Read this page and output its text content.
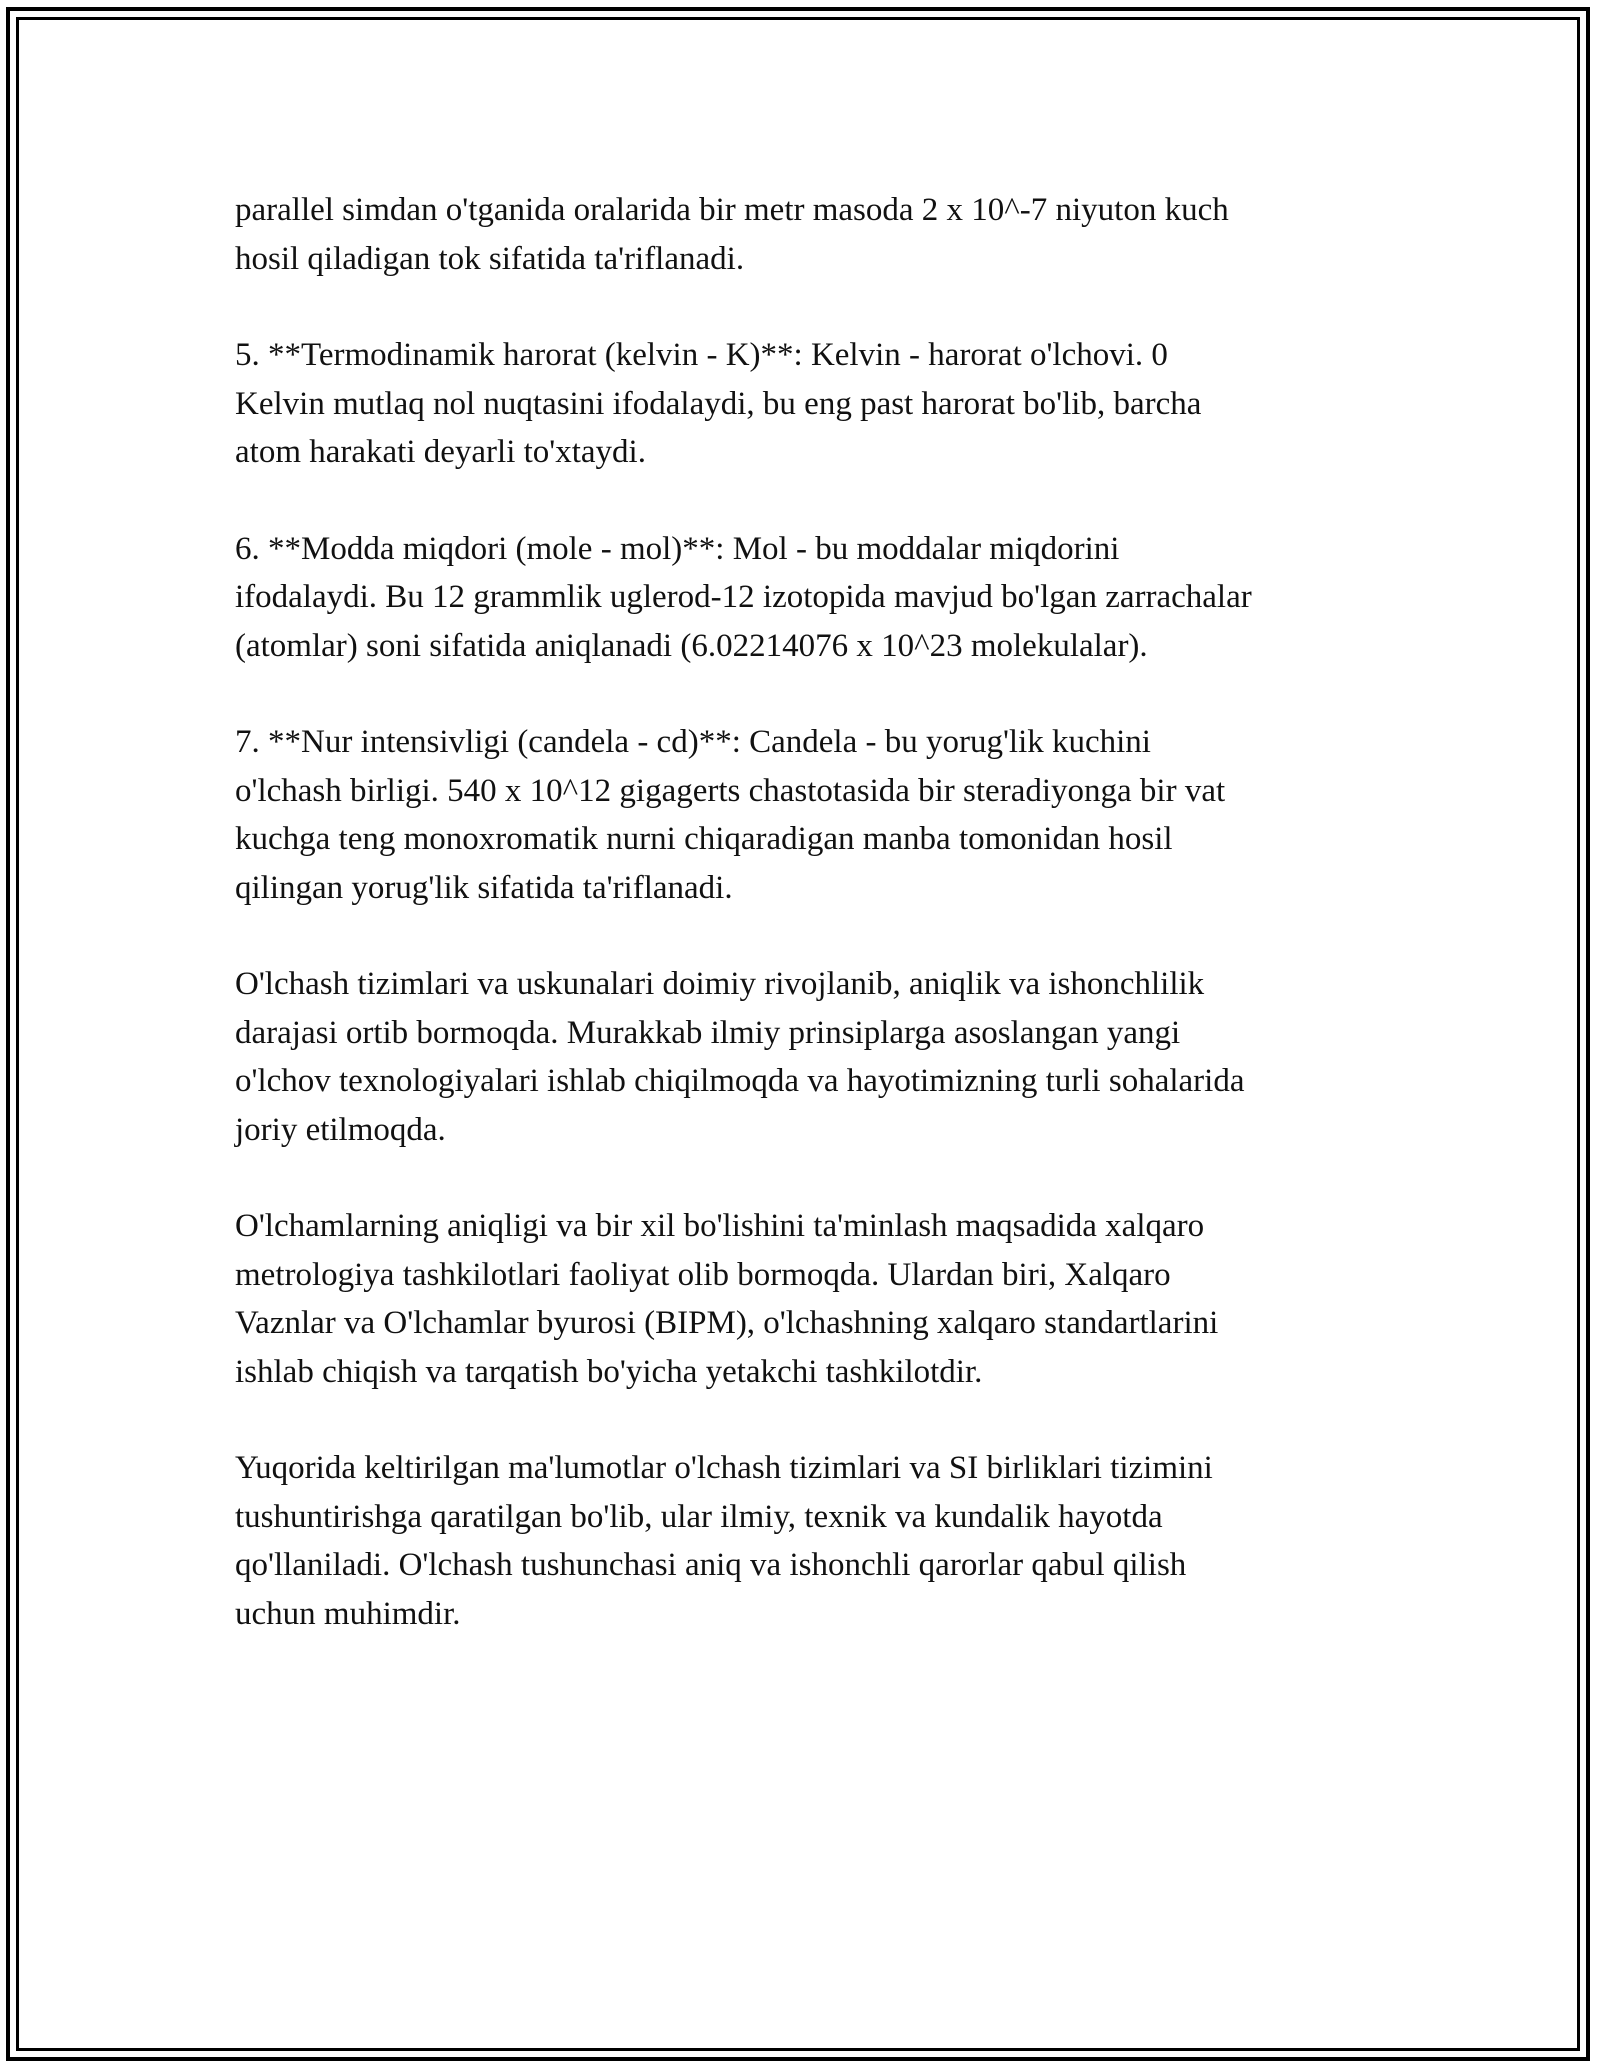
parallel simdan o'tganida oralarida bir metr masoda 2 x 10^-7 niyuton kuch
hosil qiladigan tok sifatida ta'riflanadi.

5. **Termodinamik harorat (kelvin - K)**: Kelvin - harorat o'lchovi. 0
Kelvin mutlaq nol nuqtasini ifodalaydi, bu eng past harorat bo'lib, barcha
atom harakati deyarli to'xtaydi.

6. **Modda miqdori (mole - mol)**: Mol - bu moddalar miqdorini
ifodalaydi. Bu 12 grammlik uglerod-12 izotopida mavjud bo'lgan zarrachalar
(atomlar) soni sifatida aniqlanadi (6.02214076 x 10^23 molekulalar).

7. **Nur intensivligi (candela - cd)**: Candela - bu yorug'lik kuchini
o'lchash birligi. 540 x 10^12 gigagerts chastotasida bir steradiyonga bir vat
kuchga teng monoxromatik nurni chiqaradigan manba tomonidan hosil
qilingan yorug'lik sifatida ta'riflanadi.

O'lchash tizimlari va uskunalari doimiy rivojlanib, aniqlik va ishonchlilik
darajasi ortib bormoqda. Murakkab ilmiy prinsiplarga asoslangan yangi
o'lchov texnologiyalari ishlab chiqilmoqda va hayotimizning turli sohalarida
joriy etilmoqda.

O'lchamlarning aniqligi va bir xil bo'lishini ta'minlash maqsadida xalqaro
metrologiya tashkilotlari faoliyat olib bormoqda. Ulardan biri, Xalqaro
Vaznlar va O'lchamlar byurosi (BIPM), o'lchashning xalqaro standartlarini
ishlab chiqish va tarqatish bo'yicha yetakchi tashkilotdir.

Yuqorida keltirilgan ma'lumotlar o'lchash tizimlari va SI birliklari tizimini
tushuntirishga qaratilgan bo'lib, ular ilmiy, texnik va kundalik hayotda
qo'llaniladi. O'lchash tushunchasi aniq va ishonchli qarorlar qabul qilish
uchun muhimdir.
